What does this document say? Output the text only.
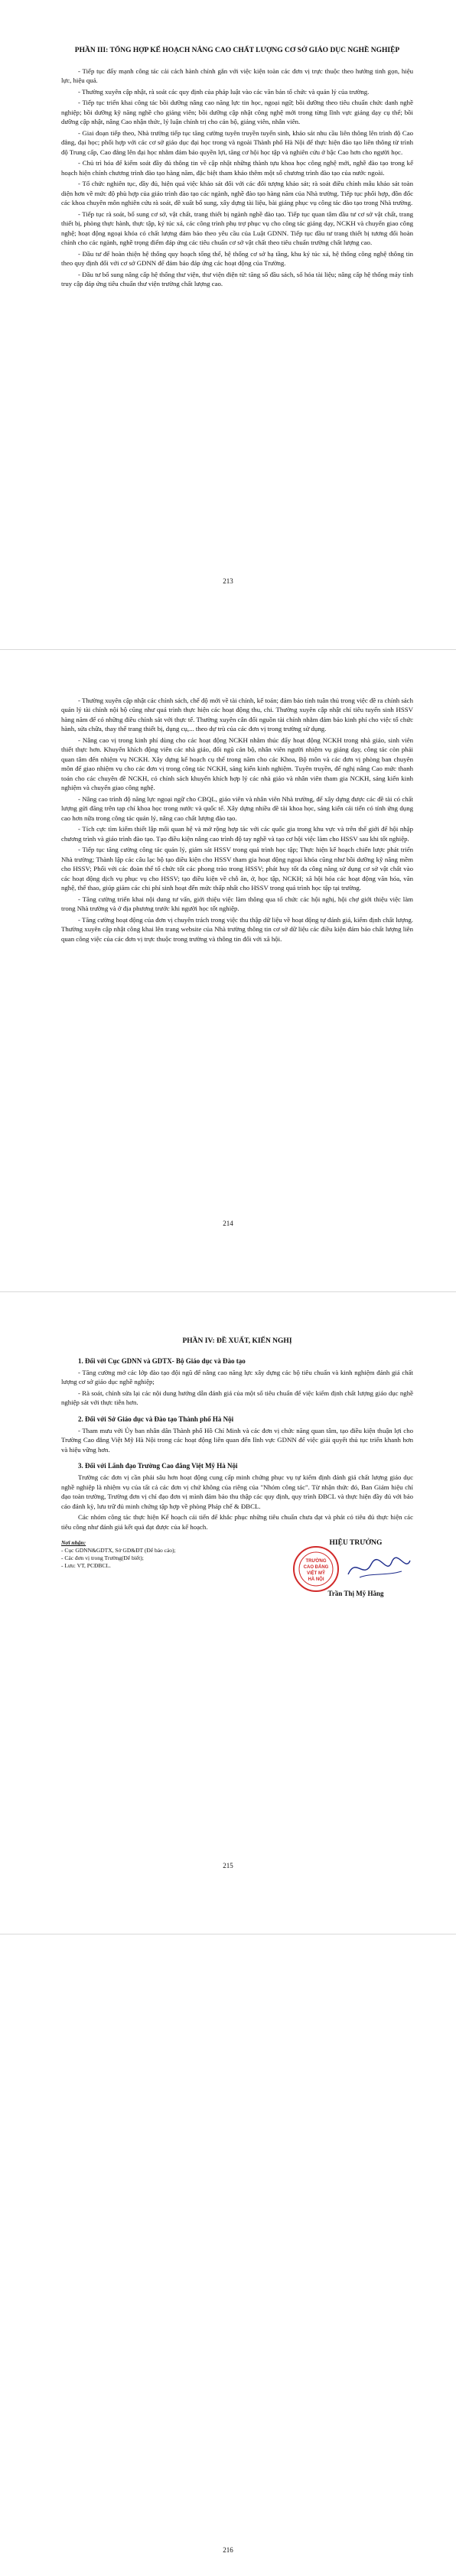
PHẦN III: TỔNG HỢP KẾ HOẠCH NÂNG CAO CHẤT LƯỢNG CƠ SỞ GIÁO DỤC NGHỀ NGHIỆP

- Tiếp tục đẩy mạnh công tác cải cách hành chính gắn với việc kiện toàn các đơn vị trực thuộc theo hướng tinh gọn, hiệu lực, hiệu quả.

- Thường xuyên cập nhật, rà soát các quy định của pháp luật vào các văn bản tổ chức và quản lý của trường.

- Tiếp tục triển khai công tác bồi dưỡng nâng cao năng lực tin học, ngoại ngữ; bồi dưỡng theo tiêu chuẩn chức danh nghề nghiệp; bồi dưỡng kỹ năng nghề cho giảng viên; bồi dưỡng cập nhật công nghệ mới trong từng lĩnh vực giảng dạy cụ thể; bồi dưỡng cập nhật, nâng Cao nhận thức, lý luận chính trị cho cán bộ, giảng viên, nhân viên.

- Giai đoạn tiếp theo, Nhà trường tiếp tục tăng cường tuyên truyền tuyển sinh, khảo sát nhu cầu liên thông lên trình độ Cao đẳng, đại học; phối hợp với các cơ sở giáo dục đại học trong và ngoài Thành phố Hà Nội để thực hiện đào tạo liên thông từ trình độ Trung cấp, Cao đẳng lên đại học nhằm đảm bảo quyền lợi, tăng cơ hội học tập và nghiên cứu ở bậc Cao hơn cho người học.

- Chủ trì hóa để kiểm soát đầy đủ thông tin về cập nhật những thành tựu khoa học công nghệ mới, nghề đào tạo trong kế hoạch hiện chính chương trình đào tạo hàng năm, đặc biệt tham khảo thêm một số chương trình đào tạo của nước ngoài.

- Tổ chức nghiên tục, đầy đủ, hiện quả việc khảo sát đối với các đối tượng khảo sát; rà soát điều chỉnh mẫu khảo sát toàn diện hơn về mức độ phù hợp của giáo trình đào tạo các ngành, nghề đào tạo hàng năm của Nhà trường. Tiếp tục phối hợp, đồn đốc các khoa chuyên môn nghiên cứu rà soát, đề xuất bổ sung, xây dựng tài liệu, bài giảng phục vụ công tác đào tạo trong Nhà trường.

- Tiếp tục rà soát, bổ sung cơ sở, vật chất, trang thiết bị ngành nghề đào tạo. Tiếp tục quan tâm đầu tư cơ sở vật chất, trang thiết bị, phòng thực hành, thực tập, ký túc xá, các công trình phụ trợ phục vụ cho công tác giảng dạy, NCKH và chuyển giao công nghệ; hoạt động ngoại khóa có chất lượng đảm bảo theo yêu cầu của Luật GDNN. Tiếp tục đầu tư trang thiết bị tương đối hoàn chỉnh cho các ngành, nghề trọng điểm đáp ứng các tiêu chuẩn cơ sở vật chất theo tiêu chuẩn trường chất lượng cao.

- Đầu tư để hoàn thiện hệ thống quy hoạch tổng thể, hệ thống cơ sở hạ tầng, khu ký túc xá, hệ thống công nghệ thông tin theo quy định đối với cơ sở GDNN để đảm bảo đáp ứng các hoạt động của Trường.

- Đầu tư bổ sung nâng cấp hệ thống thư viện, thư viện điện tử: tăng số đầu sách, số hóa tài liệu; nâng cấp hệ thống máy tính truy cập đáp ứng tiêu chuẩn thư viện trường chất lượng cao.

213

- Thường xuyên cập nhật các chính sách, chế độ mới về tài chính, kế toán; đảm bảo tính tuân thủ trong việc đề ra chính sách quản lý tài chính nội bộ cũng như quá trình thực hiện các hoạt động thu, chi. Thường xuyên cập nhật chỉ tiêu tuyển sinh HSSV hàng năm để có những điều chỉnh sát với thực tế. Thường xuyên cân đối nguồn tài chính nhằm đảm bảo kinh phí cho việc tổ chức hành, sửa chữa, thay thế trang thiết bị, dụng cụ,... theo dự trù của các đơn vị trong trường sử dụng.

- Nâng cao vị trong kinh phí dùng cho các hoạt động NCKH nhằm thúc đẩy hoạt động NCKH trong nhà giáo, sinh viên thiết thực hơn. Khuyến khích động viên các nhà giáo, đối ngũ cán bộ, nhân viên người nhiệm vụ giảng dạy, công tác còn phải quan tâm đến nhiệm vụ NCKH. Xây dựng kế hoạch cụ thể trong năm cho các Khoa, Bộ môn và các đơn vị phòng ban chuyên môn để giao nhiệm vụ cho các đơn vị trong công tác NCKH, sáng kiến kinh nghiệm. Tuyên truyền, để nghị nâng Cao mức thanh toán cho các chuyên đề NCKH, có chính sách khuyến khích hợp lý các nhà giáo và nhân viên tham gia NCKH, sáng kiến kinh nghiệm và chuyển giao công nghệ.

- Nâng cao trình độ năng lực ngoại ngữ cho CBQL, giáo viên và nhân viên Nhà trường, để xây dựng được các đề tài có chất lượng gửi đăng trên tạp chí khoa học trong nước và quốc tế. Xây dựng nhiều đề tài khoa học, sáng kiến cải tiến có tính ứng dụng cao hơn nữa trong công tác quản lý, nâng cao chất lượng đào tạo.

- Tích cực tìm kiếm thiết lập mối quan hệ và mở rộng hợp tác với các quốc gia trong khu vực và trên thế giới để hội nhập chương trình và giáo trình đào tạo. Tạo điều kiện nâng cao trình độ tay nghề và tạo cơ hội việc làm cho HSSV sau khi tốt nghiệp.

- Tiếp tục tăng cường công tác quản lý, giám sát HSSV trong quá trình học tập; Thực hiện kế hoạch chiến lược phát triển Nhà trường; Thành lập các câu lạc bộ tạo điều kiện cho HSSV tham gia hoạt động ngoại khóa cũng như bồi dưỡng kỹ năng mềm cho HSSV; Phối với các đoàn thể tổ chức tốt các phong trào trong HSSV; phát huy tốt đa công năng sử dụng cơ sở vật chất vào các hoạt động dịch vụ phục vụ cho HSSV; tạo điều kiện về chỗ ăn, ở, học tập, NCKH; xã hội hóa các hoạt động văn hóa, văn nghệ, thể thao, giúp giảm các chi phí sinh hoạt đến mức thấp nhất cho HSSV trong quá trình học tập tại trường.

- Tăng cường triển khai nội dung tư vấn, giới thiệu việc làm thông qua tổ chức các hội nghị, hội chợ giới thiệu việc làm trong Nhà trường và ở địa phương trước khi người học tốt nghiệp.

- Tăng cường hoạt động của đơn vị chuyên trách trong việc thu thập dữ liệu về hoạt động tự đánh giá, kiểm định chất lượng. Thường xuyên cập nhật công khai lên trang website của Nhà trường thông tin cơ sở dữ liệu các điều kiện đảm bảo chất lượng liên quan công việc của các đơn vị trực thuộc trong trường và thông tin đối với xã hội.

214
PHẦN IV: ĐỀ XUẤT, KIẾN NGHỊ
1. Đối với Cục GDNN và GDTX- Bộ Giáo dục và Đào tạo

- Tăng cường mở các lớp đào tạo đội ngũ để nâng cao năng lực xây dựng các bộ tiêu chuẩn và kinh nghiệm đánh giá chất lượng cơ sở giáo dục nghề nghiệp;

- Rà soát, chỉnh sửa lại các nội dung hướng dẫn đánh giá của một số tiêu chuẩn để việc kiểm định chất lượng giáo dục nghề nghiệp sát với thực tiễn hơn.

2. Đối với Sở Giáo dục và Đào tạo Thành phố Hà Nội

- Tham mưu với Ủy ban nhân dân Thành phố Hồ Chí Minh và các đơn vị chức năng quan tâm, tạo điều kiện thuận lợi cho Trường Cao đẳng Việt Mỹ Hà Nội trong các hoạt động liên quan đến lĩnh vực GDNN để việc giải quyết thủ tục triển khanh hơn và hiệu vững hơn.

3. Đối với Lãnh đạo Trường Cao đẳng Việt Mỹ Hà Nội

Trường các đơn vị cần phải sâu hơn hoạt động cung cấp minh chứng phục vụ tự kiểm định đánh giá chất lượng giáo dục nghề nghiệp là nhiệm vụ của tất cả các đơn vị chứ không của riêng của "Nhóm công tác". Từ nhận thức đó, Ban Giám hiệu chỉ đạo toàn trường, Trường đơn vị chỉ đạo đơn vị mình đảm bảo thu thập các quy định, quy trình ĐBCL và thực hiện đầy đủ với bảo cáo đánh kỳ, lưu trữ đủ minh chứng tập hợp về phòng Pháp chế & ĐBCL.

Các nhóm công tác thực hiện Kế hoạch cải tiến để khắc phục những tiêu chuẩn chưa đạt và phát có tiêu đủ thực hiện các tiêu công như đánh giá kết quả đạt được của kế hoạch.

Nơi nhận:
- Cục GDNN&GDTX, Sở GD&ĐT (Để báo cáo);
- Các đơn vị trong Trường(Để biết);
- Lưu: VT, PCĐBCL.
HIỆU TRƯỞNG
TRƯỜNG
CAO ĐẲNG
VIỆT MỸ
HÀ NỘI
Trần Thị Mỹ Hằng
215
216
